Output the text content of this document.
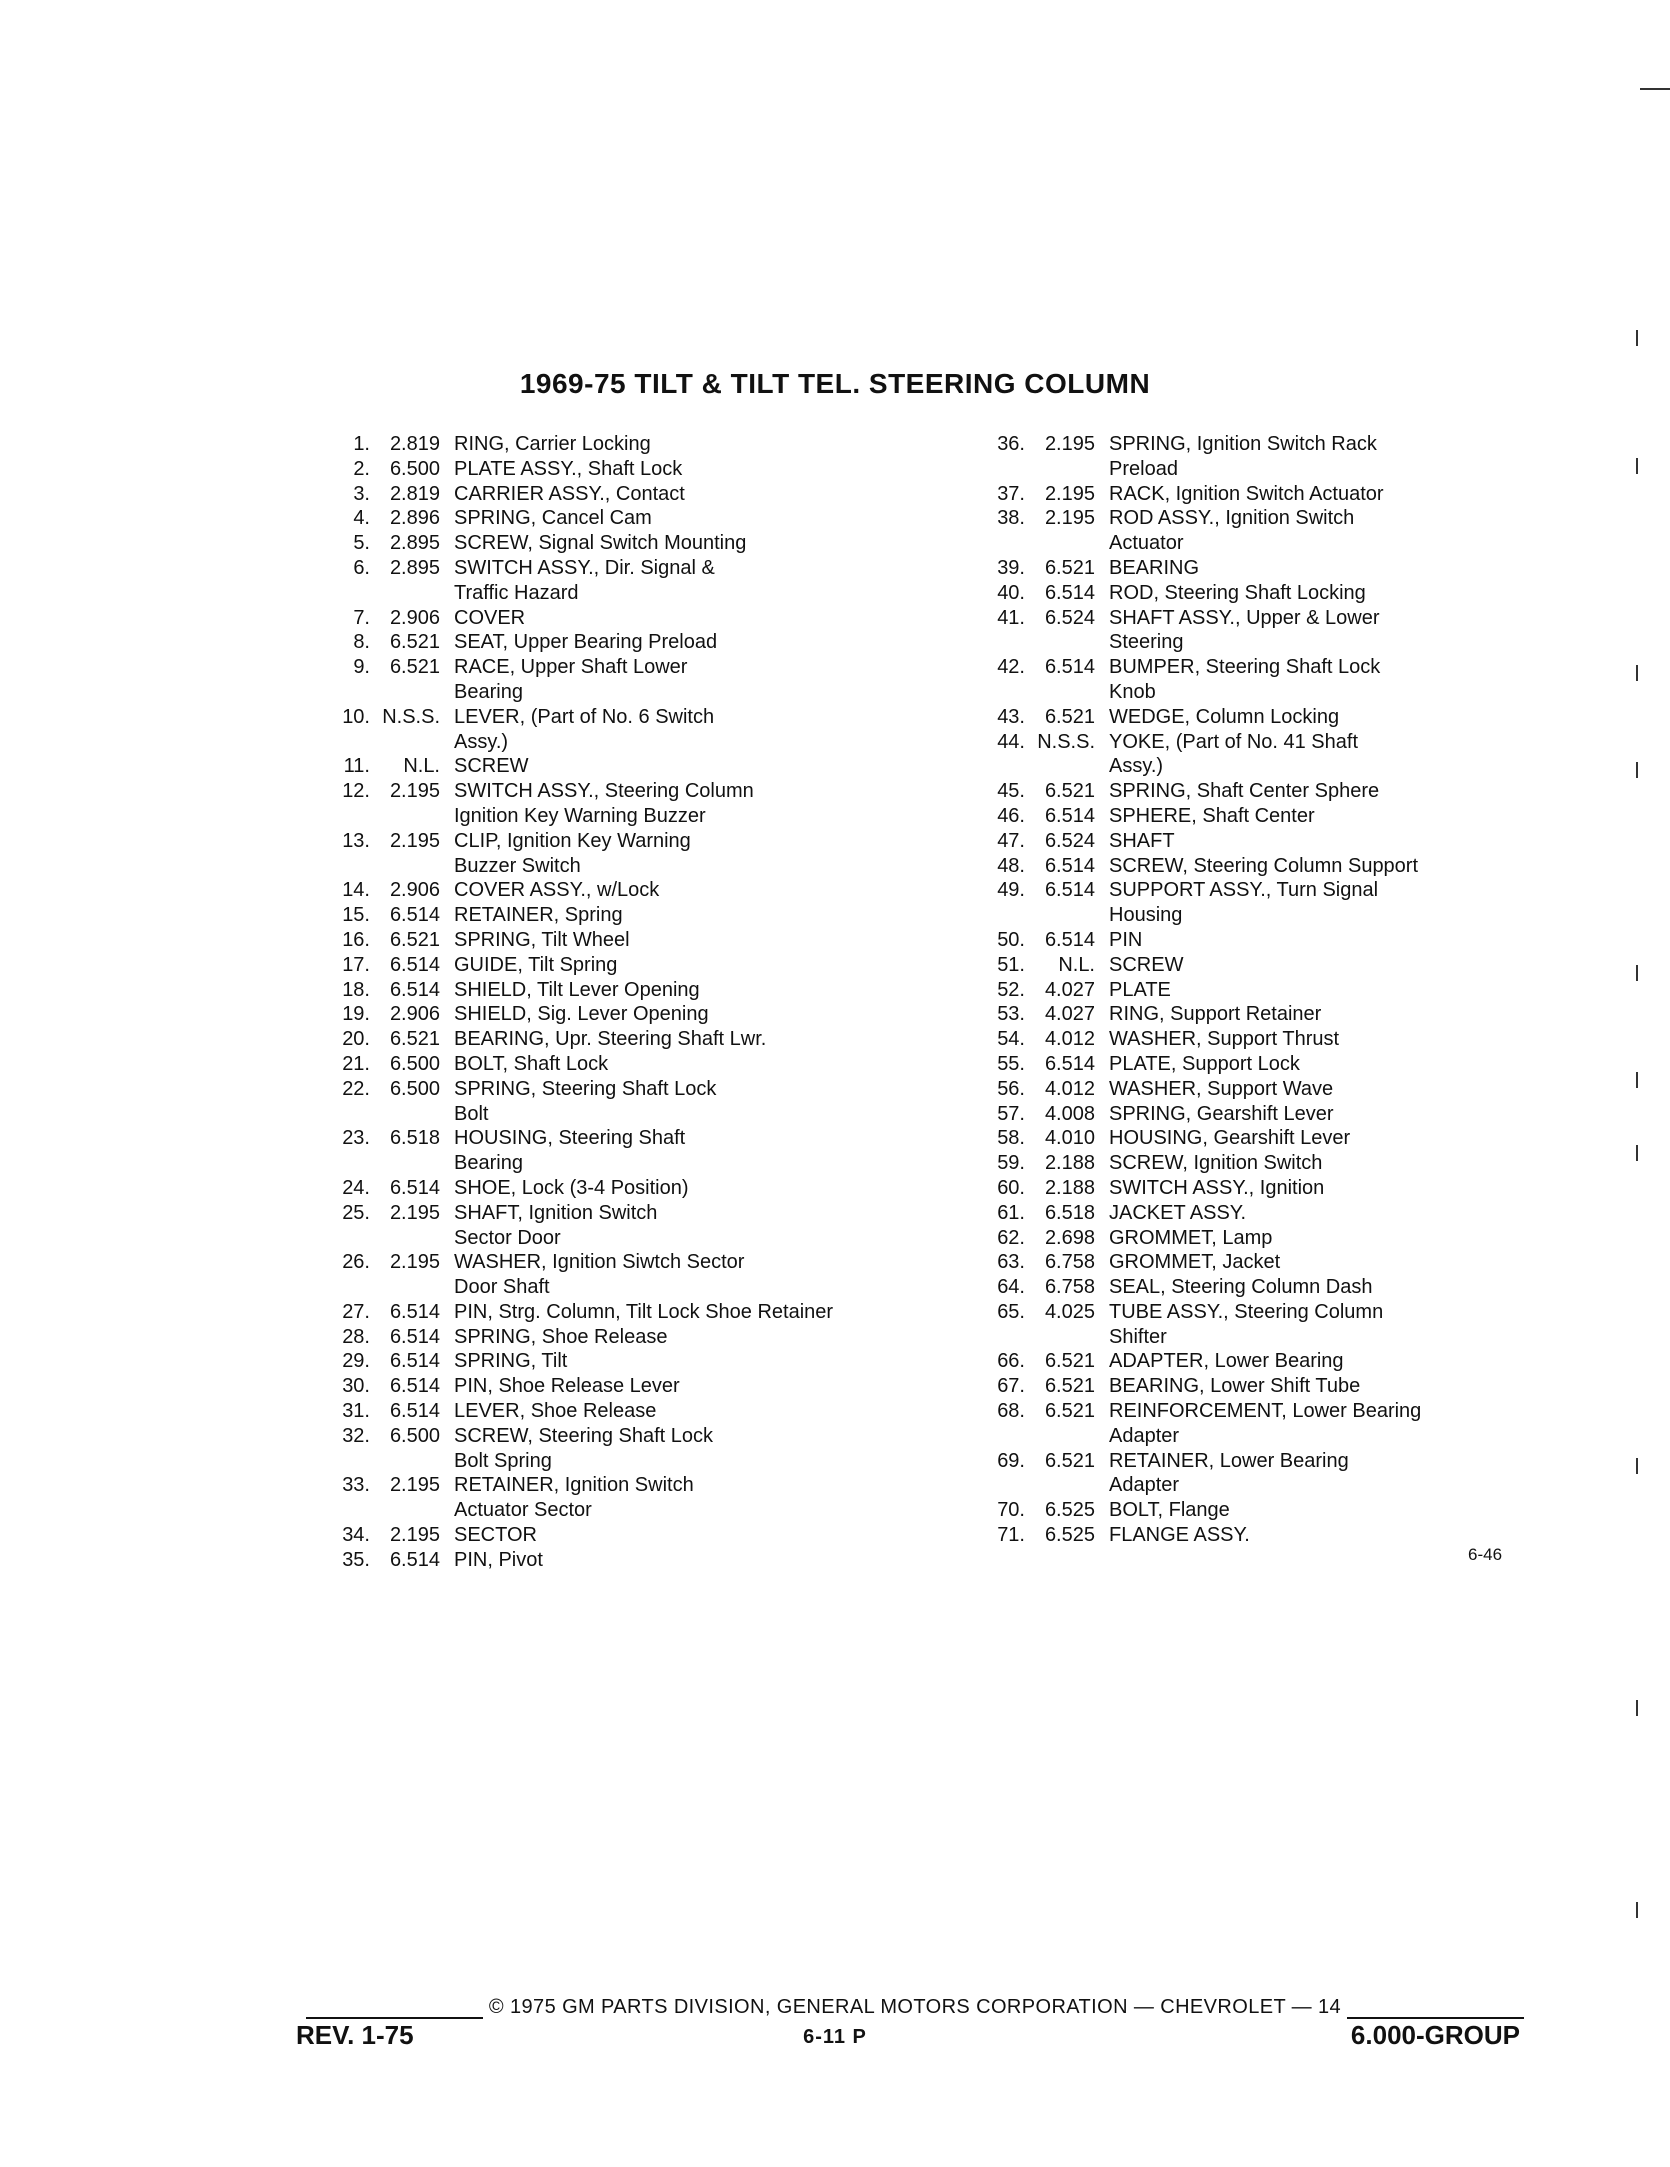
1969-75 TILT & TILT TEL. STEERING COLUMN
1. 2.819 RING, Carrier Locking
2. 6.500 PLATE ASSY., Shaft Lock
3. 2.819 CARRIER ASSY., Contact
4. 2.896 SPRING, Cancel Cam
5. 2.895 SCREW, Signal Switch Mounting
6. 2.895 SWITCH ASSY., Dir. Signal &
Traffic Hazard
7. 2.906 COVER
8. 6.521 SEAT, Upper Bearing Preload
9. 6.521 RACE, Upper Shaft Lower
Bearing
10. N.S.S. LEVER, (Part of No. 6 Switch
Assy.)
11.	N.L. SCREW
12. 2.195 SWITCH ASSY., Steering Column
Ignition Key Warning Buzzer
13. 2.195 CLIP, Ignition Key Warning
Buzzer Switch
14. 2.906 COVER ASSY., w/Lock
15. 6.514 RETAINER, Spring
16. 6.521 SPRING, Tilt Wheel
17. 6.514 GUIDE, Tilt Spring
18. 6.514 SHIELD, Tilt Lever Opening
19. 2.906 SHIELD, Sig. Lever Opening
20. 6.521 BEARING, Upr. Steering Shaft Lwr.
21. 6.500 BOLT, Shaft Lock
22. 6.500 SPRING, Steering Shaft Lock
Bolt
23. 6.518 HOUSING, Steering Shaft
Bearing
24. 6.514 SHOE, Lock (3-4 Position)
25. 2.195 SHAFT, Ignition Switch
Sector Door
26. 2.195 WASHER, Ignition Siwtch Sector
Door Shaft
27. 6.514 PIN, Strg. Column, Tilt Lock Shoe Retainer
28. 6.514 SPRING, Shoe Release
29. 6.514 SPRING, Tilt
30. 6.514 PIN, Shoe Release Lever
31. 6.514 LEVER, Shoe Release
32. 6.500 SCREW, Steering Shaft Lock
Bolt Spring
33. 2.195 RETAINER, Ignition Switch
Actuator Sector
34. 2.195 SECTOR
35. 6.514 PIN, Pivot
36. 2.195 SPRING, Ignition Switch Rack
Preload
37. 2.195 RACK, Ignition Switch Actuator
38. 2.195 ROD ASSY., Ignition Switch
Actuator
39. 6.521 BEARING
40. 6.514 ROD, Steering Shaft Locking
41. 6.524 SHAFT ASSY., Upper & Lower
Steering
42. 6.514 BUMPER, Steering Shaft Lock
Knob
43. 6.521 WEDGE, Column Locking
44. N.S.S. YOKE, (Part of No. 41 Shaft
Assy.)
45. 6.521 SPRING, Shaft Center Sphere
46. 6.514 SPHERE, Shaft Center
47. 6.524 SHAFT
48. 6.514 SCREW, Steering Column Support
49. 6.514 SUPPORT ASSY., Turn Signal
Housing
50. 6.514 PIN
51.	N.L. SCREW
52. 4.027 PLATE
53. 4.027 RING, Support Retainer
54. 4.012 WASHER, Support Thrust
55. 6.514 PLATE, Support Lock
56. 4.012 WASHER, Support Wave
57. 4.008 SPRING, Gearshift Lever
58. 4.010 HOUSING, Gearshift Lever
59. 2.188 SCREW, Ignition Switch
60. 2.188 SWITCH ASSY., Ignition
61. 6.518 JACKET ASSY.
62. 2.698 GROMMET, Lamp
63. 6.758 GROMMET, Jacket
64. 6.758 SEAL, Steering Column Dash
65. 4.025 TUBE ASSY., Steering Column
Shifter
66. 6.521 ADAPTER, Lower Bearing
67. 6.521 BEARING, Lower Shift Tube
68. 6.521 REINFORCEMENT, Lower Bearing
Adapter
69. 6.521 RETAINER, Lower Bearing
Adapter
70. 6.525 BOLT, Flange
71. 6.525 FLANGE ASSY.
6-46
© 1975 GM PARTS DIVISION, GENERAL MOTORS CORPORATION — CHEVROLET — 14
REV. 1-75	6-11 P	6.000-GROUP
